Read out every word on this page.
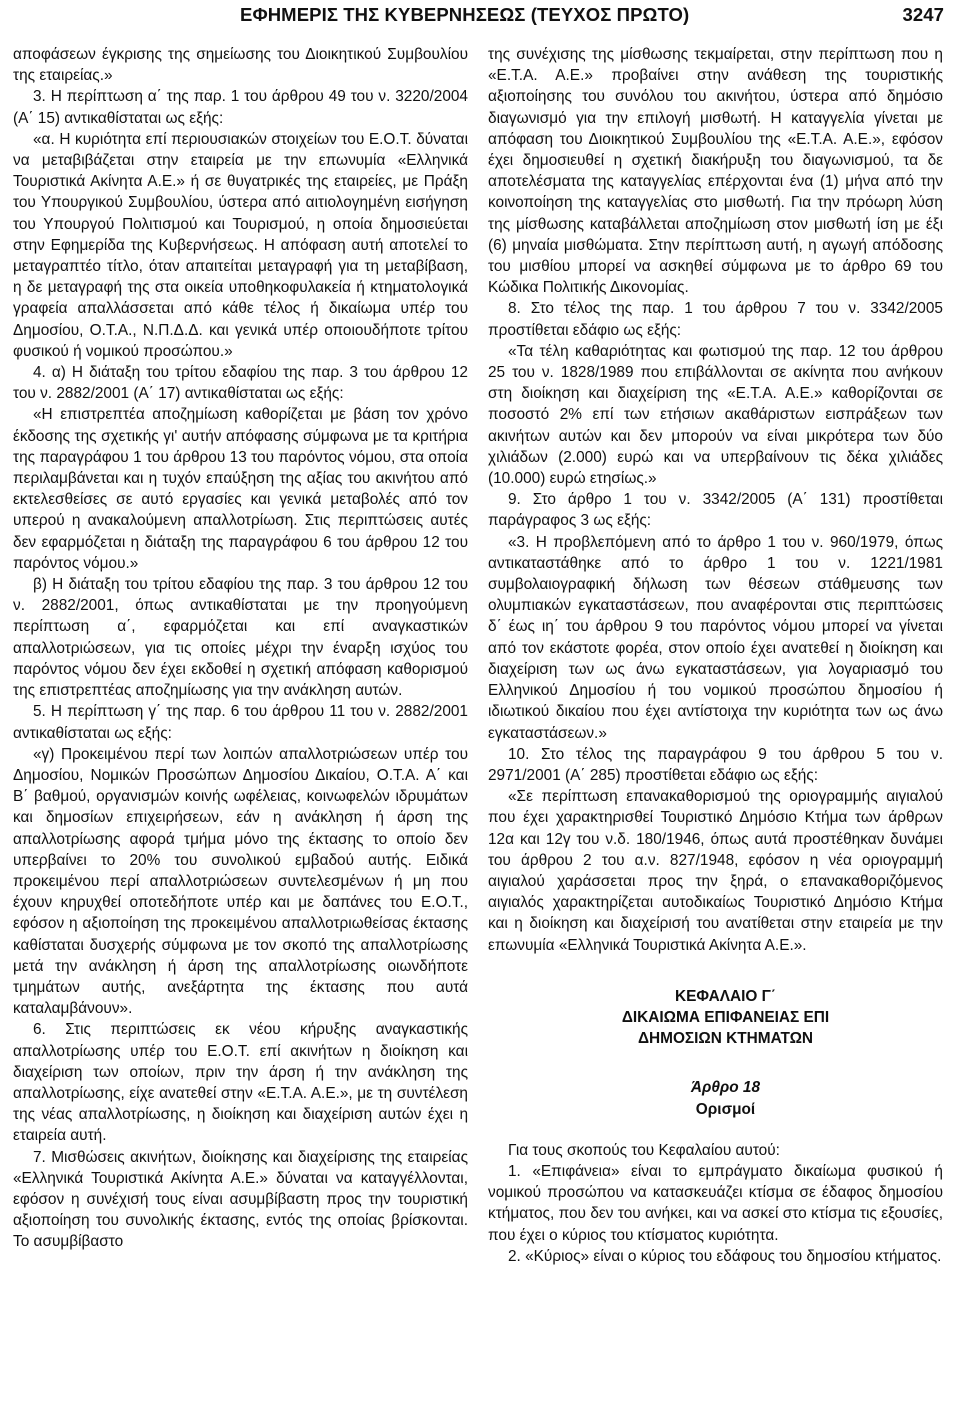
ΕΦΗΜΕΡΙΣ ΤΗΣ ΚΥΒΕΡΝΗΣΕΩΣ (ΤΕΥΧΟΣ ΠΡΩΤΟ)	3247

αποφάσεων έγκρισης της σημείωσης του Διοικητικού Συμβουλίου της εταιρείας.»

3. Η περίπτωση α΄ της παρ. 1 του άρθρου 49 του ν. 3220/2004 (Α΄ 15) αντικαθίσταται ως εξής:

«α. Η κυριότητα επί περιουσιακών στοιχείων του Ε.Ο.Τ. δύναται να μεταβιβάζεται στην εταιρεία με την επωνυμία «Ελληνικά Τουριστικά Ακίνητα Α.Ε.» ή σε θυγατρικές της εταιρείες, με Πράξη του Υπουργικού Συμβουλίου, ύστερα από αιτιολογημένη εισήγηση του Υπουργού Πολιτισμού και Τουρισμού, η οποία δημοσιεύεται στην Εφημερίδα της Κυβερνήσεως. Η απόφαση αυτή αποτελεί το μεταγραπτέο τίτλο, όταν απαιτείται μεταγραφή για τη μεταβίβαση, η δε μεταγραφή της στα οικεία υποθηκοφυλακεία ή κτηματολογικά γραφεία απαλλάσσεται από κάθε τέλος ή δικαίωμα υπέρ του Δημοσίου, Ο.Τ.Α., Ν.Π.Δ.Δ. και γενικά υπέρ οποιουδήποτε τρίτου φυσικού ή νομικού προσώπου.»

4. α) Η διάταξη του τρίτου εδαφίου της παρ. 3 του άρθρου 12 του ν. 2882/2001 (Α΄ 17) αντικαθίσταται ως εξής:

«Η επιστρεπτέα αποζημίωση καθορίζεται με βάση τον χρόνο έκδοσης της σχετικής γι' αυτήν απόφασης σύμφωνα με τα κριτήρια της παραγράφου 1 του άρθρου 13 του παρόντος νόμου, στα οποία περιλαμβάνεται και η τυχόν επαύξηση της αξίας του ακινήτου από εκτελεσθείσες σε αυτό εργασίες και γενικά μεταβολές από τον υπερού η ανακαλούμενη απαλλοτρίωση. Στις περιπτώσεις αυτές δεν εφαρμόζεται η διάταξη της παραγράφου 6 του άρθρου 12 του παρόντος νόμου.»

β) Η διάταξη του τρίτου εδαφίου της παρ. 3 του άρθρου 12 του ν. 2882/2001, όπως αντικαθίσταται με την προηγούμενη περίπτωση α΄, εφαρμόζεται και επί αναγκαστικών απαλλοτριώσεων, για τις οποίες μέχρι την έναρξη ισχύος του παρόντος νόμου δεν έχει εκδοθεί η σχετική απόφαση καθορισμού της επιστρεπτέας αποζημίωσης για την ανάκληση αυτών.

5. Η περίπτωση γ΄ της παρ. 6 του άρθρου 11 του ν. 2882/2001 αντικαθίσταται ως εξής:

«γ) Προκειμένου περί των λοιπών απαλλοτριώσεων υπέρ του Δημοσίου, Νομικών Προσώπων Δημοσίου Δικαίου, Ο.Τ.Α. Α΄ και Β΄ βαθμού, οργανισμών κοινής ωφέλειας, κοινωφελών ιδρυμάτων και δημοσίων επιχειρήσεων, εάν η ανάκληση ή άρση της απαλλοτρίωσης αφορά τμήμα μόνο της έκτασης το οποίο δεν υπερβαίνει το 20% του συνολικού εμβαδού αυτής. Ειδικά προκειμένου περί απαλλοτριώσεων συντελεσμένων ή μη που έχουν κηρυχθεί οποτεδήποτε υπέρ και με δαπάνες του Ε.Ο.Τ., εφόσον η αξιοποίηση της προκειμένου απαλλοτριωθείσας έκτασης καθίσταται δυσχερής σύμφωνα με τον σκοπό της απαλλοτρίωσης μετά την ανάκληση ή άρση της απαλλοτρίωσης οιωνδήποτε τμημάτων αυτής, ανεξάρτητα της έκτασης που αυτά καταλαμβάνουν».

6. Στις περιπτώσεις εκ νέου κήρυξης αναγκαστικής απαλλοτρίωσης υπέρ του Ε.Ο.Τ. επί ακινήτων η διοίκηση και διαχείριση των οποίων, πριν την άρση ή την ανάκληση της απαλλοτρίωσης, είχε ανατεθεί στην «Ε.Τ.Α. Α.Ε.», με τη συντέλεση της νέας απαλλοτρίωσης, η διοίκηση και διαχείριση αυτών έχει η εταιρεία αυτή.

7. Μισθώσεις ακινήτων, διοίκησης και διαχείρισης της εταιρείας «Ελληνικά Τουριστικά Ακίνητα Α.Ε.» δύναται να καταγγέλλονται, εφόσον η συνέχισή τους είναι ασυμβίβαστη προς την τουριστική αξιοποίηση του συνολικής έκτασης, εντός της οποίας βρίσκονται. Το ασυμβίβαστο

της συνέχισης της μίσθωσης τεκμαίρεται, στην περίπτωση που η «Ε.Τ.Α. Α.Ε.» προβαίνει στην ανάθεση της τουριστικής αξιοποίησης του συνόλου του ακινήτου, ύστερα από δημόσιο διαγωνισμό για την επιλογή μισθωτή. Η καταγγελία γίνεται με απόφαση του Διοικητικού Συμβουλίου της «Ε.Τ.Α. Α.Ε.», εφόσον έχει δημοσιευθεί η σχετική διακήρυξη του διαγωνισμού, τα δε αποτελέσματα της καταγγελίας επέρχονται ένα (1) μήνα από την κοινοποίηση της καταγγελίας στο μισθωτή. Για την πρόωρη λύση της μίσθωσης καταβάλλεται αποζημίωση στον μισθωτή ίση με έξι (6) μηναία μισθώματα. Στην περίπτωση αυτή, η αγωγή απόδοσης του μισθίου μπορεί να ασκηθεί σύμφωνα με το άρθρο 69 του Κώδικα Πολιτικής Δικονομίας.

8. Στο τέλος της παρ. 1 του άρθρου 7 του ν. 3342/2005 προστίθεται εδάφιο ως εξής:

«Τα τέλη καθαριότητας και φωτισμού της παρ. 12 του άρθρου 25 του ν. 1828/1989 που επιβάλλονται σε ακίνητα που ανήκουν στη διοίκηση και διαχείριση της «Ε.Τ.Α. Α.Ε.» καθορίζονται σε ποσοστό 2% επί των ετήσιων ακαθάριστων εισπράξεων των ακινήτων αυτών και δεν μπορούν να είναι μικρότερα των δύο χιλιάδων (2.000) ευρώ και να υπερβαίνουν τις δέκα χιλιάδες (10.000) ευρώ ετησίως.»

9. Στο άρθρο 1 του ν. 3342/2005 (Α΄ 131) προστίθεται παράγραφος 3 ως εξής:

«3. Η προβλεπόμενη από το άρθρο 1 του ν. 960/1979, όπως αντικαταστάθηκε από το άρθρο 1 του ν. 1221/1981 συμβολαιογραφική δήλωση των θέσεων στάθμευσης των ολυμπιακών εγκαταστάσεων, που αναφέρονται στις περιπτώσεις δ΄ έως ιη΄ του άρθρου 9 του παρόντος νόμου μπορεί να γίνεται από τον εκάστοτε φορέα, στον οποίο έχει ανατεθεί η διοίκηση και διαχείριση των ως άνω εγκαταστάσεων, για λογαριασμό του Ελληνικού Δημοσίου ή του νομικού προσώπου δημοσίου ή ιδιωτικού δικαίου που έχει αντίστοιχα την κυριότητα των ως άνω εγκαταστάσεων.»

10. Στο τέλος της παραγράφου 9 του άρθρου 5 του ν. 2971/2001 (Α΄ 285) προστίθεται εδάφιο ως εξής:

«Σε περίπτωση επανακαθορισμού της οριογραμμής αιγιαλού που έχει χαρακτηρισθεί Τουριστικό Δημόσιο Κτήμα των άρθρων 12α και 12γ του ν.δ. 180/1946, όπως αυτά προστέθηκαν δυνάμει του άρθρου 2 του α.ν. 827/1948, εφόσον η νέα οριογραμμή αιγιαλού χαράσσεται προς την ξηρά, ο επανακαθοριζόμενος αιγιαλός χαρακτηρίζεται αυτοδικαίως Τουριστικό Δημόσιο Κτήμα και η διοίκηση και διαχείρισή του ανατίθεται στην εταιρεία με την επωνυμία «Ελληνικά Τουριστικά Ακίνητα Α.Ε.».

ΚΕΦΑΛΑΙΟ Γ΄

ΔΙΚΑΙΩΜΑ ΕΠΙΦΑΝΕΙΑΣ ΕΠΙ

ΔΗΜΟΣΙΩΝ ΚΤΗΜΑΤΩΝ

Άρθρο 18

Ορισμοί

Για τους σκοπούς του Κεφαλαίου αυτού:

1. «Επιφάνεια» είναι το εμπράγματο δικαίωμα φυσικού ή νομικού προσώπου να κατασκευάζει κτίσμα σε έδαφος δημοσίου κτήματος, που δεν του ανήκει, και να ασκεί στο κτίσμα τις εξουσίες, που έχει ο κύριος του κτίσματος κυριότητα.

2. «Κύριος» είναι ο κύριος του εδάφους του δημοσίου κτήματος.
